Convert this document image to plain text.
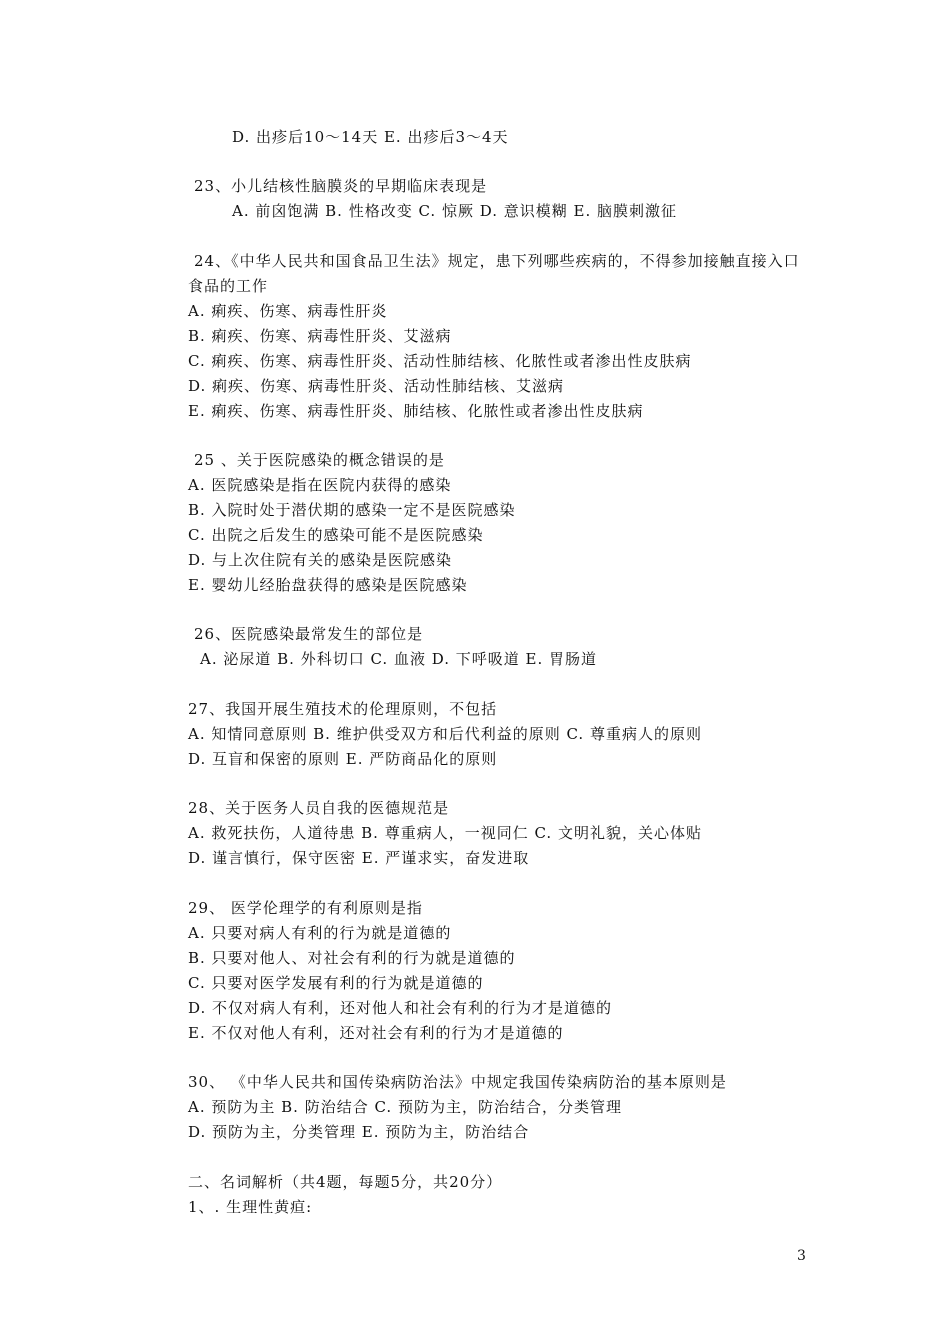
D. 出疹后10～14天 E. 出疹后3～4天
23、小儿结核性脑膜炎的早期临床表现是
A. 前囟饱满 B. 性格改变 C. 惊厥 D. 意识模糊 E. 脑膜刺激征
24、《中华人民共和国食品卫生法》规定，患下列哪些疾病的，不得参加接触直接入口
食品的工作
A. 痢疾、伤寒、病毒性肝炎
B. 痢疾、伤寒、病毒性肝炎、艾滋病
C. 痢疾、伤寒、病毒性肝炎、活动性肺结核、化脓性或者渗出性皮肤病
D. 痢疾、伤寒、病毒性肝炎、活动性肺结核、艾滋病
E. 痢疾、伤寒、病毒性肝炎、肺结核、化脓性或者渗出性皮肤病
25 、关于医院感染的概念错误的是
A. 医院感染是指在医院内获得的感染
B. 入院时处于潜伏期的感染一定不是医院感染
C. 出院之后发生的感染可能不是医院感染
D. 与上次住院有关的感染是医院感染
E. 婴幼儿经胎盘获得的感染是医院感染
26、医院感染最常发生的部位是
A. 泌尿道 B. 外科切口 C. 血液 D. 下呼吸道 E. 胃肠道
27、我国开展生殖技术的伦理原则，不包括
A. 知情同意原则 B. 维护供受双方和后代利益的原则 C. 尊重病人的原则
D. 互盲和保密的原则 E. 严防商品化的原则
28、关于医务人员自我的医德规范是
A. 救死扶伤，人道待患 B. 尊重病人，一视同仁 C. 文明礼貌，关心体贴
D. 谨言慎行，保守医密 E. 严谨求实，奋发进取
29、 医学伦理学的有利原则是指
A. 只要对病人有利的行为就是道德的
B. 只要对他人、对社会有利的行为就是道德的
C. 只要对医学发展有利的行为就是道德的
D. 不仅对病人有利，还对他人和社会有利的行为才是道德的
E. 不仅对他人有利，还对社会有利的行为才是道德的
30、 《中华人民共和国传染病防治法》中规定我国传染病防治的基本原则是
A. 预防为主 B. 防治结合 C. 预防为主，防治结合，分类管理
D. 预防为主，分类管理 E. 预防为主，防治结合
二、名词解析（共4题，每题5分，共20分）
1、. 生理性黄疸:
3
